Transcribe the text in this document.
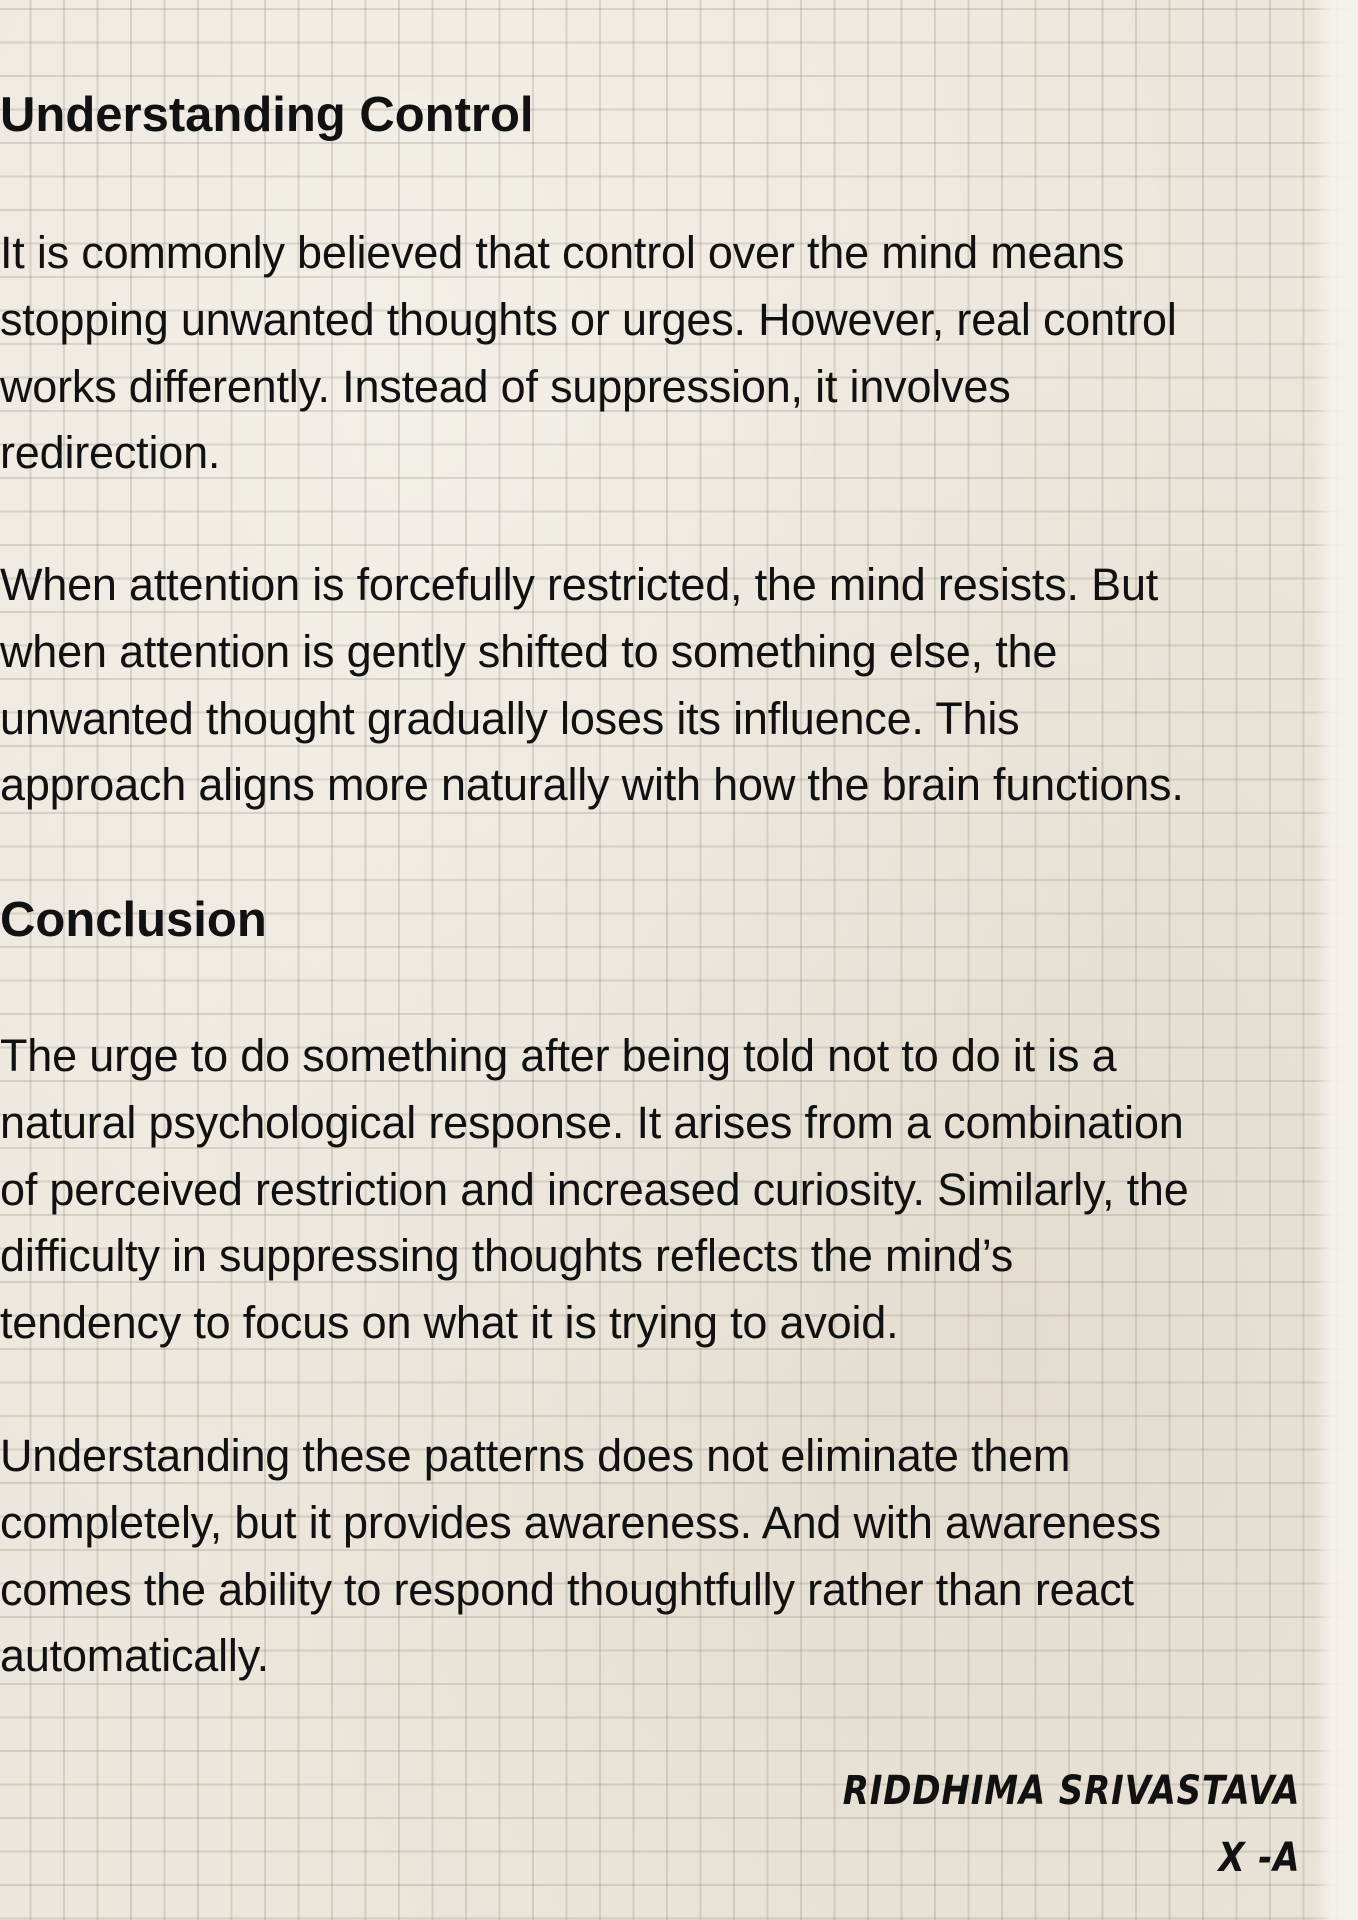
Understanding Control

It is commonly believed that control over the mind means
stopping unwanted thoughts or urges. However, real control
works differently. Instead of suppression, it involves
redirection.

When attention is forcefully restricted, the mind resists. But
when attention is gently shifted to something else, the
unwanted thought gradually loses its influence. This
approach aligns more naturally with how the brain functions.

Conclusion

The urge to do something after being told not to do it is a
natural psychological response. It arises from a combination
of perceived restriction and increased curiosity. Similarly, the
difficulty in suppressing thoughts reflects the mind’s
tendency to focus on what it is trying to avoid.

Understanding these patterns does not eliminate them
completely, but it provides awareness. And with awareness
comes the ability to respond thoughtfully rather than react
automatically.

RIDDHIMA SRIVASTAVA
X -A
